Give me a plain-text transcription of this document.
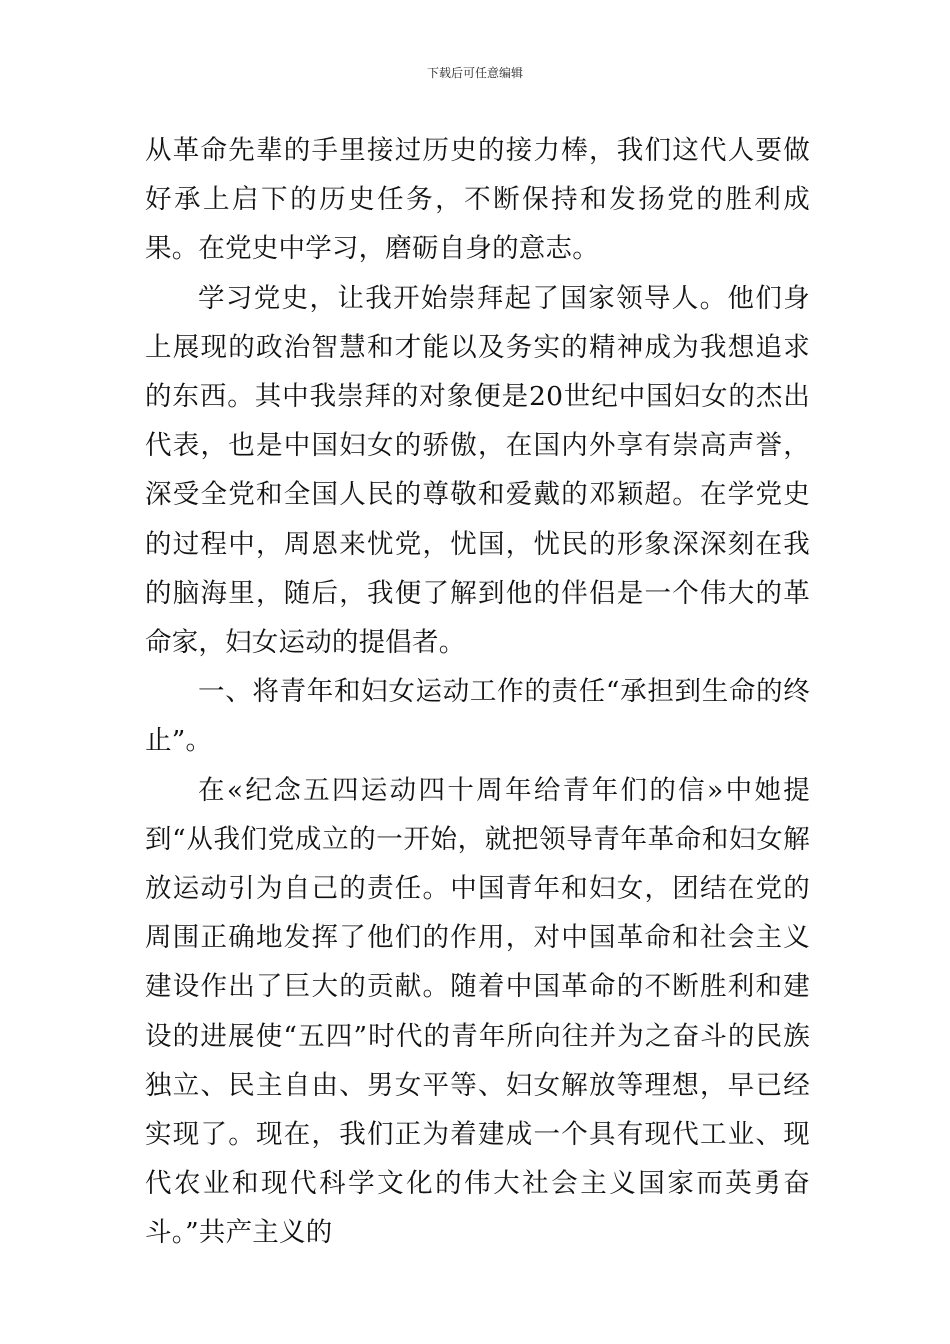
下载后可任意编辑

从革命先辈的手里接过历史的接力棒，我们这代人要做好承上启下的历史任务，不断保持和发扬党的胜利成果。在党史中学习，磨砺自身的意志。

学习党史，让我开始崇拜起了国家领导人。他们身上展现的政治智慧和才能以及务实的精神成为我想追求的东西。其中我崇拜的对象便是20世纪中国妇女的杰出代表，也是中国妇女的骄傲，在国内外享有崇高声誉，深受全党和全国人民的尊敬和爱戴的邓颖超。在学党史的过程中，周恩来忧党，忧国，忧民的形象深深刻在我的脑海里，随后，我便了解到他的伴侣是一个伟大的革命家，妇女运动的提倡者。

一、将青年和妇女运动工作的责任“承担到生命的终止”。

在«纪念五四运动四十周年给青年们的信»中她提到“从我们党成立的一开始，就把领导青年革命和妇女解放运动引为自己的责任。中国青年和妇女，团结在党的周围正确地发挥了他们的作用，对中国革命和社会主义建设作出了巨大的贡献。随着中国革命的不断胜利和建设的进展使“五四”时代的青年所向往并为之奋斗的民族独立、民主自由、男女平等、妇女解放等理想，早已经实现了。现在，我们正为着建成一个具有现代工业、现代农业和现代科学文化的伟大社会主义国家而英勇奋斗。”共产主义的
